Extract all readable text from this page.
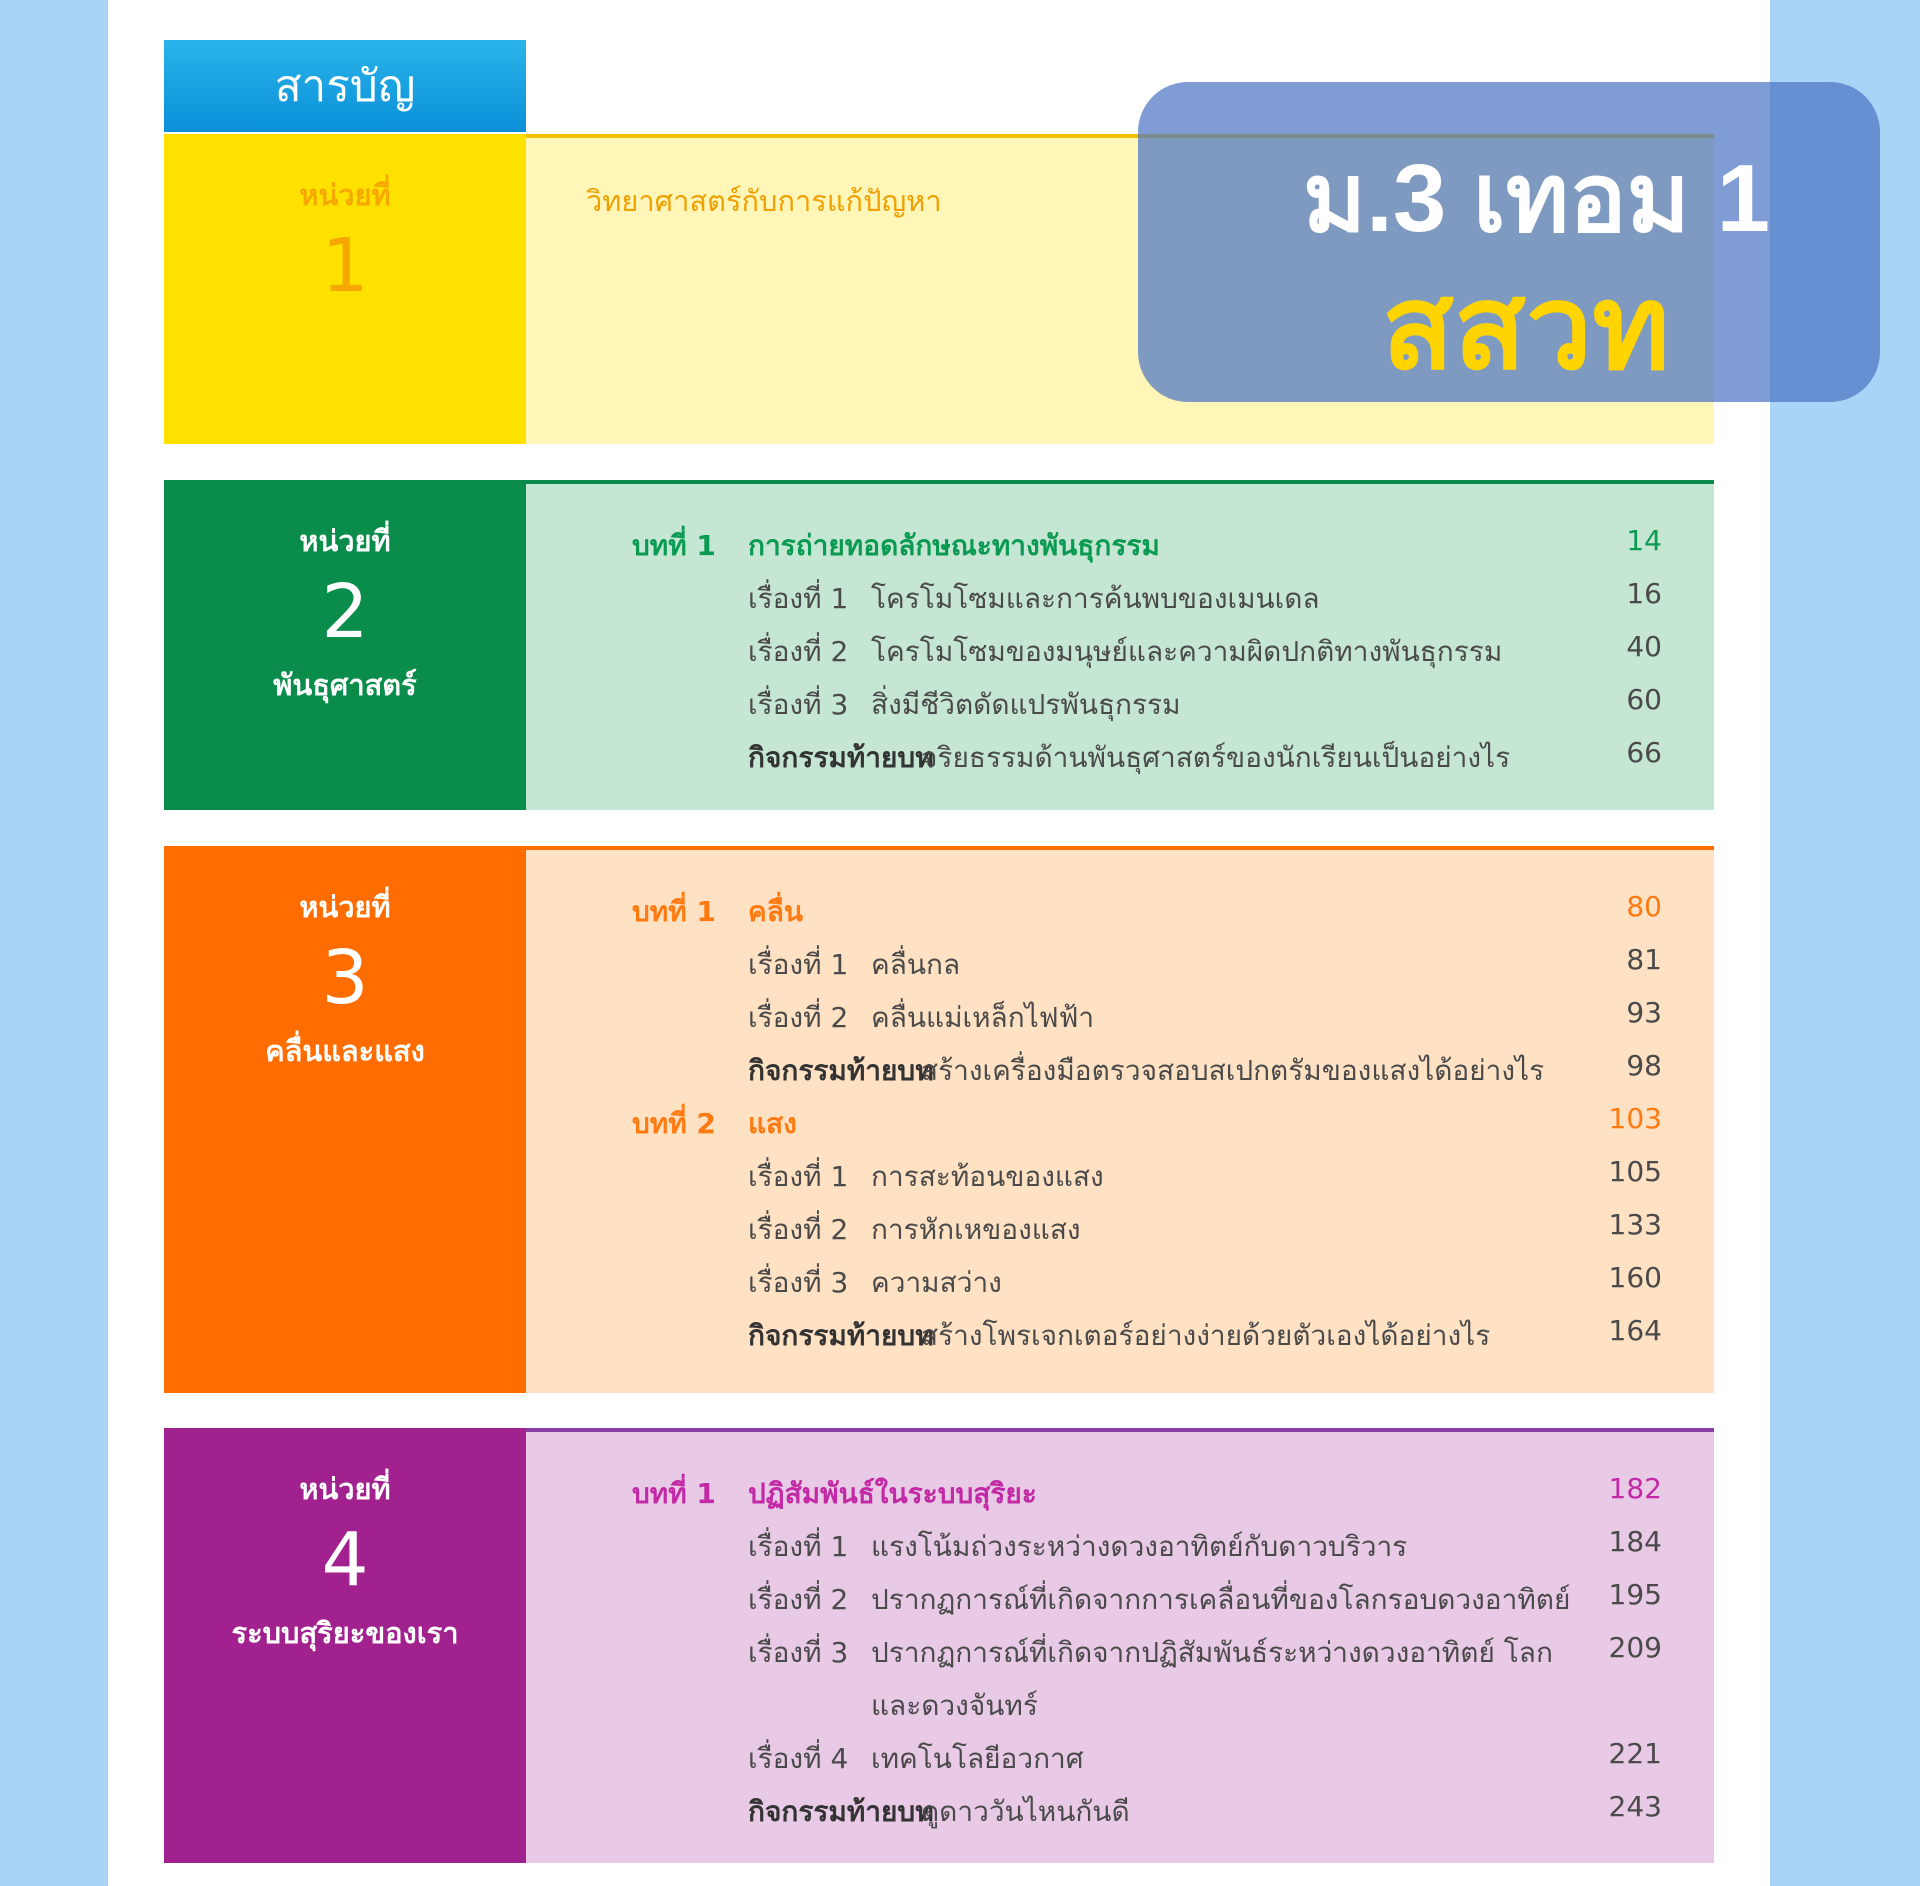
สารบัญ
หน่วยที่
1
วิทยาศาสตร์กับการแก้ปัญหา
หน่วยที่
2
พันธุศาสตร์
บทที่ 1 การถ่ายทอดลักษณะทางพันธุกรรม	14
เรื่องที่ 1 โครโมโซมและการค้นพบของเมนเดล	16
เรื่องที่ 2 โครโมโซมของมนุษย์และความผิดปกติทางพันธุกรรม	40
เรื่องที่ 3 สิ่งมีชีวิตดัดแปรพันธุกรรม	60
กิจกรรมท้ายบท
จริยธรรมด้านพันธุศาสตร์ของนักเรียนเป็นอย่างไร	66
หน่วยที่
3
คลื่นและแสง
บทที่ 1 คลื่น	80
เรื่องที่ 1 คลื่นกล	81
เรื่องที่ 2 คลื่นแม่เหล็กไฟฟ้า	93
กิจกรรมท้ายบท
สร้างเครื่องมือตรวจสอบสเปกตรัมของแสงได้อย่างไร	98
บทที่ 2 แสง	103
เรื่องที่ 1 การสะท้อนของแสง	105
เรื่องที่ 2 การหักเหของแสง	133
เรื่องที่ 3 ความสว่าง	160
กิจกรรมท้ายบท
สร้างโพรเจกเตอร์อย่างง่ายด้วยตัวเองได้อย่างไร	164
หน่วยที่
4
ระบบสุริยะของเรา
บทที่ 1 ปฏิสัมพันธ์ในระบบสุริยะ	182
เรื่องที่ 1 แรงโน้มถ่วงระหว่างดวงอาทิตย์กับดาวบริวาร	184
เรื่องที่ 2 ปรากฏการณ์ที่เกิดจากการเคลื่อนที่ของโลกรอบดวงอาทิตย์ 195
เรื่องที่ 3 ปรากฏการณ์ที่เกิดจากปฏิสัมพันธ์ระหว่างดวงอาทิตย์ โลก 209
และดวงจันทร์
เรื่องที่ 4 เทคโนโลยีอวกาศ	221
กิจกรรมท้ายบท
ดูดาววันไหนกันดี	243
ม.3 เทอม 1
สสวท
